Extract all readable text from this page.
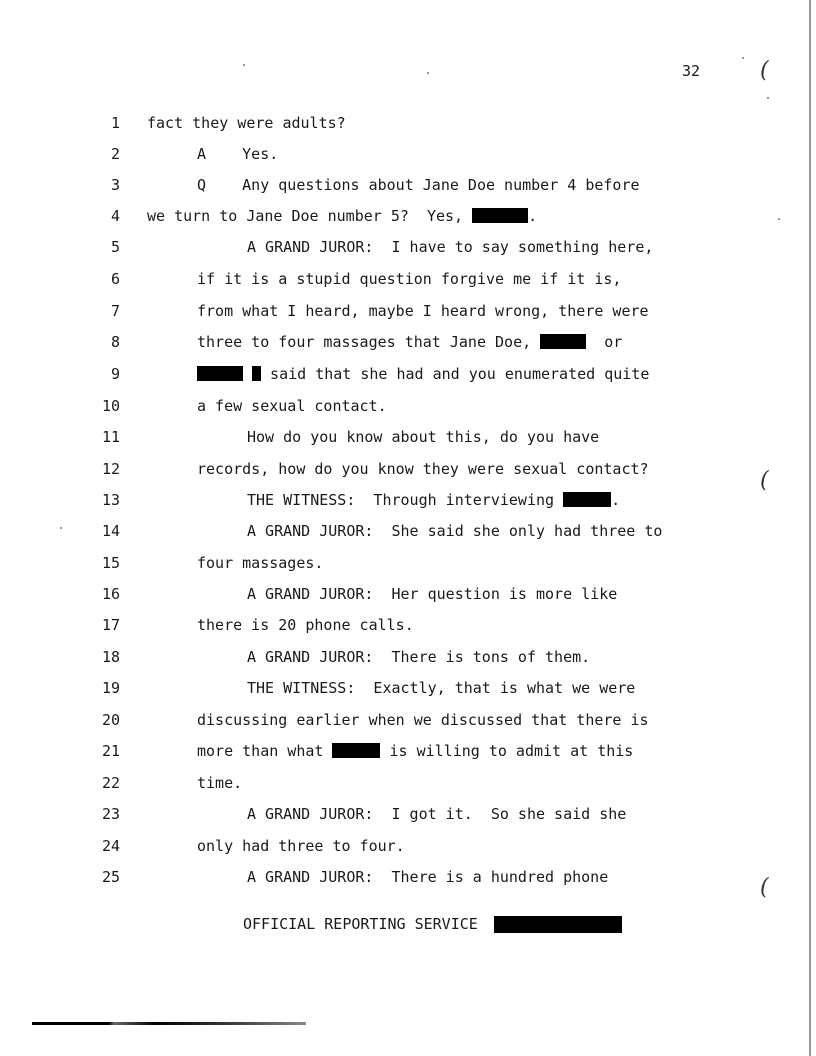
32	(
(
(
1 fact they were adults?
2	A    Yes.
3	Q    Any questions about Jane Doe number 4 before
4 we turn to Jane Doe number 5?  Yes,	.
5	A GRAND JUROR:  I have to say something here,
6	if it is a stupid question forgive me if it is,
7	from what I heard, maybe I heard wrong, there were
8	three to four massages that Jane Doe,	or
9	said that she had and you enumerated quite
10	a few sexual contact.
11	How do you know about this, do you have
12	records, how do you know they were sexual contact?
13	THE WITNESS:  Through interviewing	.
14	A GRAND JUROR:  She said she only had three to
15	four massages.
16	A GRAND JUROR:  Her question is more like
17	there is 20 phone calls.
18	A GRAND JUROR:  There is tons of them.
19	THE WITNESS:  Exactly, that is what we were
20	discussing earlier when we discussed that there is
21	more than what	is willing to admit at this
22	time.
23	A GRAND JUROR:  I got it.  So she said she
24	only had three to four.
25	A GRAND JUROR:  There is a hundred phone
OFFICIAL REPORTING SERVICE
